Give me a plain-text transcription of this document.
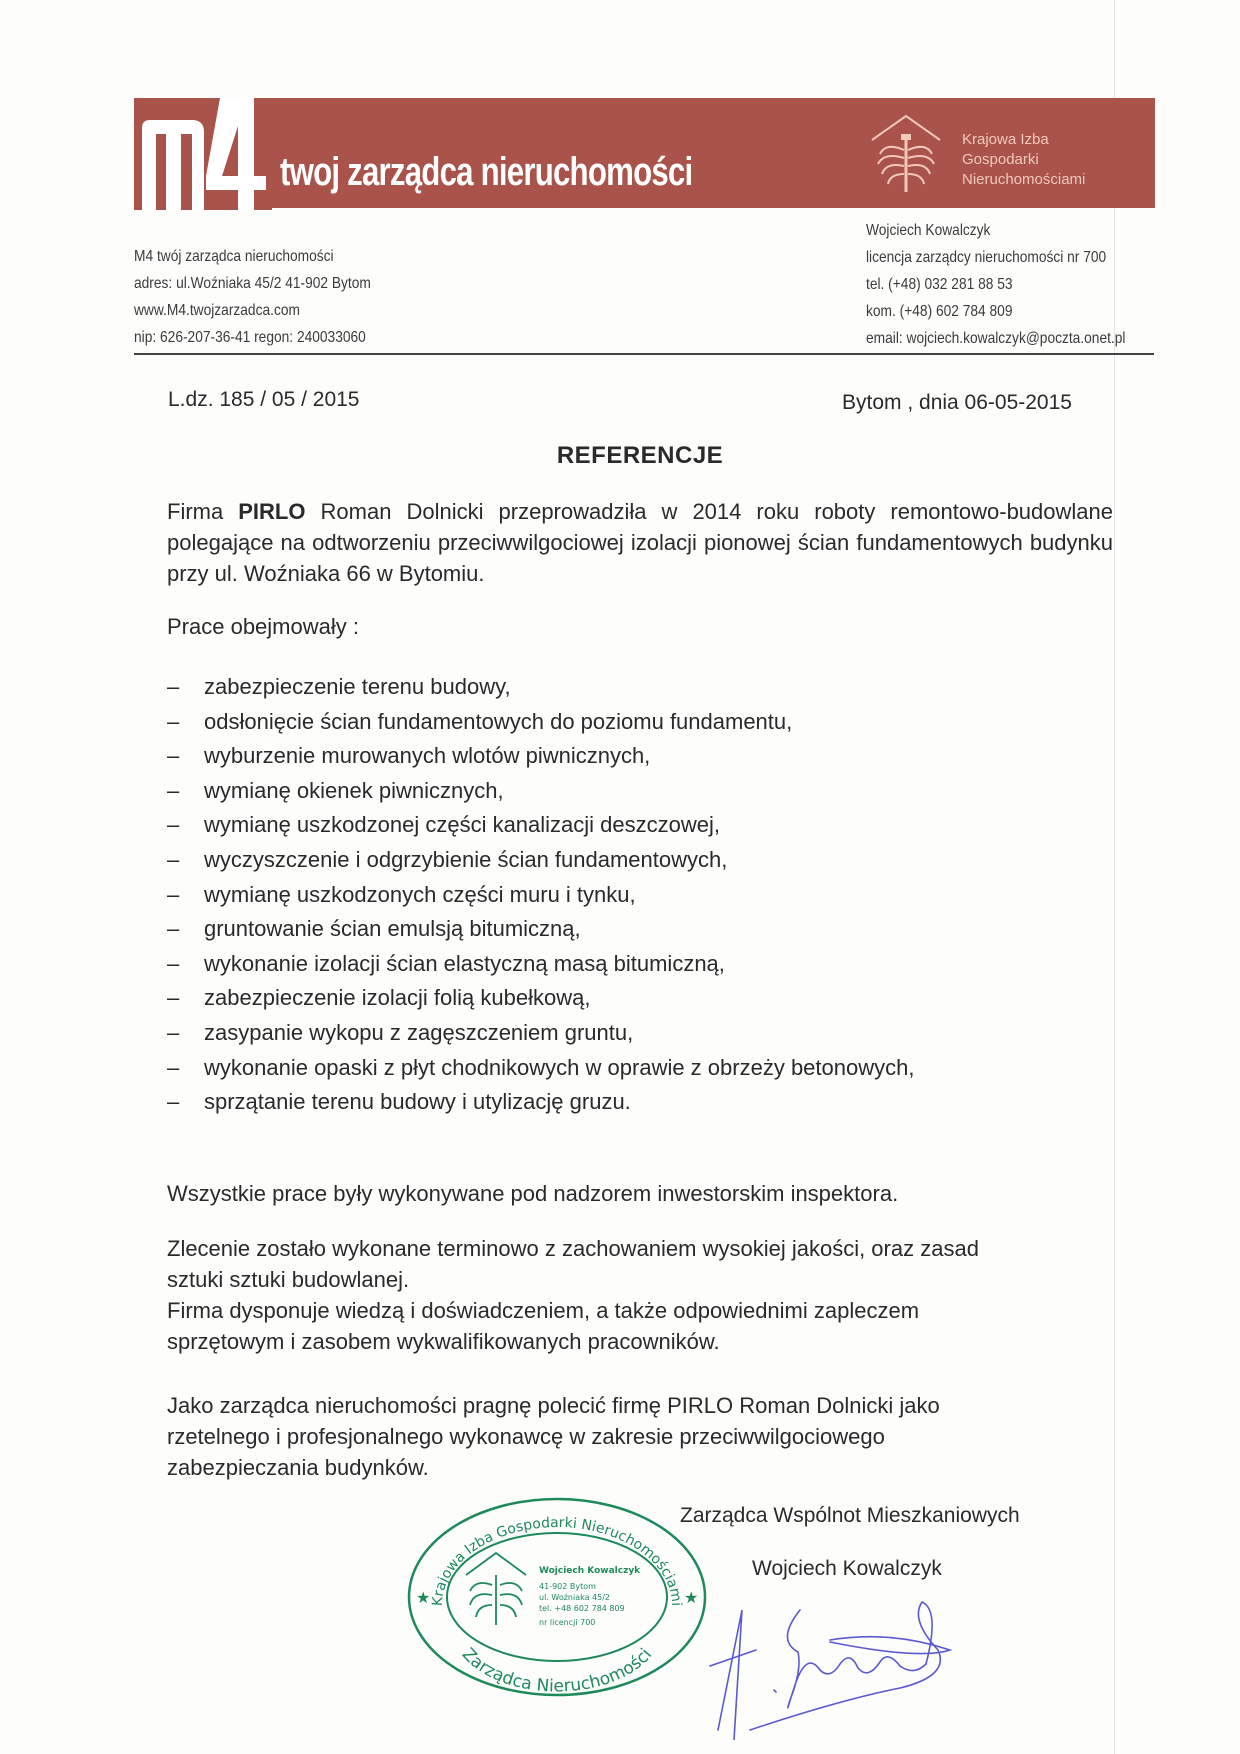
twoj zarządca nieruchomości
Krajowa Izba
Gospodarki
Nieruchomościami
M4 twój zarządca nieruchomości
adres: ul.Woźniaka 45/2 41-902 Bytom
www.M4.twojzarzadca.com
nip: 626-207-36-41 regon: 240033060
Wojciech Kowalczyk
licencja zarządcy nieruchomości nr 700
tel. (+48) 032 281 88 53
kom. (+48) 602 784 809
email: wojciech.kowalczyk@poczta.onet.pl
L.dz. 185 / 05 / 2015	Bytom , dnia 06-05-2015
REFERENCJE
Firma PIRLO Roman Dolnicki przeprowadziła w 2014 roku roboty remontowo-budowlane polegające na odtworzeniu przeciwwilgociowej izolacji pionowej ścian fundamentowych budynku przy ul. Woźniaka 66 w Bytomiu.
Prace obejmowały :
– zabezpieczenie terenu budowy,
– odsłonięcie ścian fundamentowych do poziomu fundamentu,
– wyburzenie murowanych wlotów piwnicznych,
– wymianę okienek piwnicznych,
– wymianę uszkodzonej części kanalizacji deszczowej,
– wyczyszczenie i odgrzybienie ścian fundamentowych,
– wymianę uszkodzonych części muru i tynku,
– gruntowanie ścian emulsją bitumiczną,
– wykonanie izolacji ścian elastyczną masą bitumiczną,
– zabezpieczenie izolacji folią kubełkową,
– zasypanie wykopu z zagęszczeniem gruntu,
– wykonanie opaski z płyt chodnikowych w oprawie z obrzeży betonowych,
– sprzątanie terenu budowy i utylizację gruzu.
Wszystkie prace były wykonywane pod nadzorem inwestorskim inspektora.
Zlecenie zostało wykonane terminowo z zachowaniem wysokiej jakości, oraz zasad
sztuki sztuki budowlanej.
Firma dysponuje wiedzą i doświadczeniem, a także odpowiednimi zapleczem
sprzętowym i zasobem wykwalifikowanych pracowników.
Jako zarządca nieruchomości pragnę polecić firmę PIRLO Roman Dolnicki jako
rzetelnego i profesjonalnego wykonawcę w zakresie przeciwwilgociowego
zabezpieczania budynków.
Krajowa Izba Gospodarki Nieruchomościami
Zarządca Nieruchomości
★	★
Wojciech Kowalczyk
41-902 Bytom
ul. Woźniaka 45/2
tel. +48 602 784 809
nr licencji 700
Zarządca Wspólnot Mieszkaniowych
Wojciech Kowalczyk
